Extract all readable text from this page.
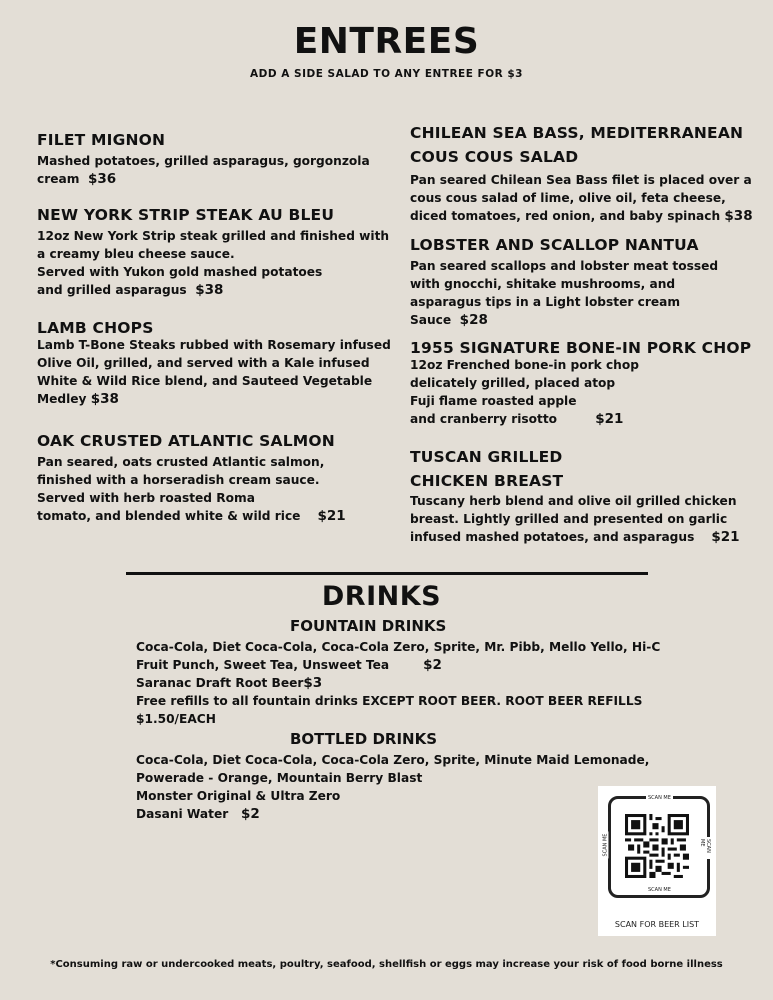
ENTREES
ADD A SIDE SALAD TO ANY ENTREE FOR $3
FILET MIGNON
Mashed potatoes, grilled asparagus, gorgonzola
cream $36
NEW YORK STRIP STEAK AU BLEU
12oz New York Strip steak grilled and finished with
a creamy bleu cheese sauce.
Served with Yukon gold mashed potatoes
and grilled asparagus $38
LAMB CHOPS
Lamb T-Bone Steaks rubbed with Rosemary infused
Olive Oil, grilled, and served with a Kale infused
White & Wild Rice blend, and Sauteed Vegetable
Medley $38
OAK CRUSTED ATLANTIC SALMON
Pan seared, oats crusted Atlantic salmon,
finished with a horseradish cream sauce.
Served with herb roasted Roma
tomato, and blended white & wild rice $21
CHILEAN SEA BASS, MEDITERRANEAN
COUS COUS SALAD
Pan seared Chilean Sea Bass filet is placed over a
cous cous salad of lime, olive oil, feta cheese,
diced tomatoes, red onion, and baby spinach $38
LOBSTER AND SCALLOP NANTUA
Pan seared scallops and lobster meat tossed
with gnocchi, shitake mushrooms, and
asparagus tips in a Light lobster cream
Sauce $28
1955 SIGNATURE BONE-IN PORK CHOP
12oz Frenched bone-in pork chop
delicately grilled, placed atop
Fuji flame roasted apple
and cranberry risotto	$21
TUSCAN GRILLED
CHICKEN BREAST
Tuscany herb blend and olive oil grilled chicken
breast. Lightly grilled and presented on garlic
infused mashed potatoes, and asparagus $21
DRINKS
FOUNTAIN DRINKS
Coca-Cola, Diet Coca-Cola, Coca-Cola Zero, Sprite, Mr. Pibb, Mello Yello, Hi-C
Fruit Punch, Sweet Tea, Unsweet Tea	$2
Saranac Draft Root Beer$3
Free refills to all fountain drinks EXCEPT ROOT BEER. ROOT BEER REFILLS
$1.50/EACH
BOTTLED DRINKS
Coca-Cola, Diet Coca-Cola, Coca-Cola Zero, Sprite, Minute Maid Lemonade,
Powerade - Orange, Mountain Berry Blast
Monster Original & Ultra Zero
Dasani Water $2
SCAN ME
SCAN ME
SCAN ME	SCAN ME
SCAN FOR BEER LIST
*Consuming raw or undercooked meats, poultry, seafood, shellfish or eggs may increase your risk of food borne illness
